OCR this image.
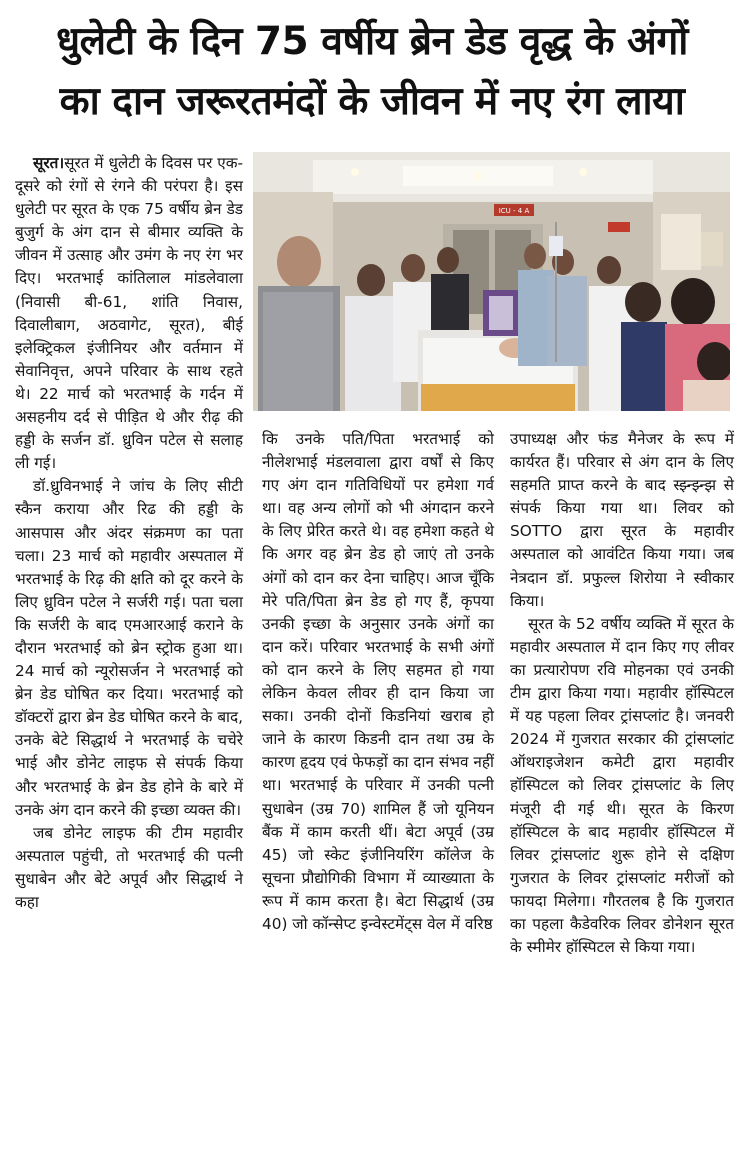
धुलेटी के दिन 75 वर्षीय ब्रेन डेड वृद्ध के अंगों
का दान जरूरतमंदों के जीवन में नए रंग लाया

सूरत।सूरत में धुलेटी के दिवस पर एक-दूसरे को रंगों से रंगने की परंपरा है। इस धुलेटी पर सूरत के एक 75 वर्षीय ब्रेन डेड बुजुर्ग के अंग दान से बीमार व्यक्ति के जीवन में उत्साह और उमंग के नए रंग भर दिए। भरतभाई कांतिलाल मांडलेवाला (निवासी बी-61, शांति निवास, दिवालीबाग, अठवागेट, सूरत), बीई इलेक्ट्रिकल इंजीनियर और वर्तमान में सेवानिवृत्त, अपने परिवार के साथ रहते थे। 22 मार्च को भरतभाई के गर्दन में असहनीय दर्द से पीड़ित थे और रीढ़ की हड्डी के सर्जन डॉ. ध्रुविन पटेल से सलाह ली गई।

डॉ.ध्रुविनभाई ने जांच के लिए सीटी स्कैन कराया और रिढ की हड्डी के आसपास और अंदर संक्रमण का पता चला। 23 मार्च को महावीर अस्पताल में भरतभाई के रिढ़ की क्षति को दूर करने के लिए ध्रुविन पटेल ने सर्जरी गई। पता चला कि सर्जरी के बाद एमआरआई कराने के दौरान भरतभाई को ब्रेन स्ट्रोक हुआ था। 24 मार्च को न्यूरोसर्जन ने भरतभाई को ब्रेन डेड घोषित कर दिया। भरतभाई को डॉक्टरों द्वारा ब्रेन डेड घोषित करने के बाद, उनके बेटे सिद्धार्थ ने भरतभाई के चचेरे भाई और डोनेट लाइफ से संपर्क किया और भरतभाई के ब्रेन डेड होने के बारे में उनके अंग दान करने की इच्छा व्यक्त की।

जब डोनेट लाइफ की टीम महावीर अस्पताल पहुंची, तो भरतभाई की पत्नी सुधाबेन और बेटे अपूर्व और सिद्धार्थ ने कहा

ICU - 4 A

कि उनके पति/पिता भरतभाई को नीलेशभाई मंडलवाला द्वारा वर्षों से किए गए अंग दान गतिविधियों पर हमेशा गर्व था। वह अन्य लोगों को भी अंगदान करने के लिए प्रेरित करते थे। वह हमेशा कहते थे कि अगर वह ब्रेन डेड हो जाएं तो उनके अंगों को दान कर देना चाहिए। आज चूँकि मेरे पति/पिता ब्रेन डेड हो गए हैं, कृपया उनकी इच्छा के अनुसार उनके अंगों का दान करें। परिवार भरतभाई के सभी अंगों को दान करने के लिए सहमत हो गया लेकिन केवल लीवर ही दान किया जा सका। उनकी दोनों किडनियां खराब हो जाने के कारण किडनी दान तथा उम्र के कारण हृदय एवं फेफड़ों का दान संभव नहीं था। भरतभाई के परिवार में उनकी पत्नी सुधाबेन (उम्र 70) शामिल हैं जो यूनियन बैंक में काम करती थीं। बेटा अपूर्व (उम्र 45) जो स्केट इंजीनियरिंग कॉलेज के सूचना प्रौद्योगिकी विभाग में व्याख्याता के रूप में काम करता है। बेटा सिद्धार्थ (उम्र 40) जो कॉन्सेप्ट इन्वेस्टमेंट्स वेल में वरिष्ठ

उपाध्यक्ष और फंड मैनेजर के रूप में कार्यरत हैं। परिवार से अंग दान के लिए सहमति प्राप्त करने के बाद स्झ्न्झ्न्झ से संपर्क किया गया था। लिवर को SOTTO द्वारा सूरत के महावीर अस्पताल को आवंटित किया गया। जब नेत्रदान डॉ. प्रफुल्ल शिरोया ने स्वीकार किया।

सूरत के 52 वर्षीय व्यक्ति में सूरत के महावीर अस्पताल में दान किए गए लीवर का प्रत्यारोपण रवि मोहनका एवं उनकी टीम द्वारा किया गया। महावीर हॉस्पिटल में यह पहला लिवर ट्रांसप्लांट है। जनवरी 2024 में गुजरात सरकार की ट्रांसप्लांट ऑथराइजेशन कमेटी द्वारा महावीर हॉस्पिटल को लिवर ट्रांसप्लांट के लिए मंजूरी दी गई थी। सूरत के किरण हॉस्पिटल के बाद महावीर हॉस्पिटल में लिवर ट्रांसप्लांट शुरू होने से दक्षिण गुजरात के लिवर ट्रांसप्लांट मरीजों को फायदा मिलेगा। गौरतलब है कि गुजरात का पहला कैडेवरिक लिवर डोनेशन सूरत के स्मीमेर हॉस्पिटल से किया गया।
